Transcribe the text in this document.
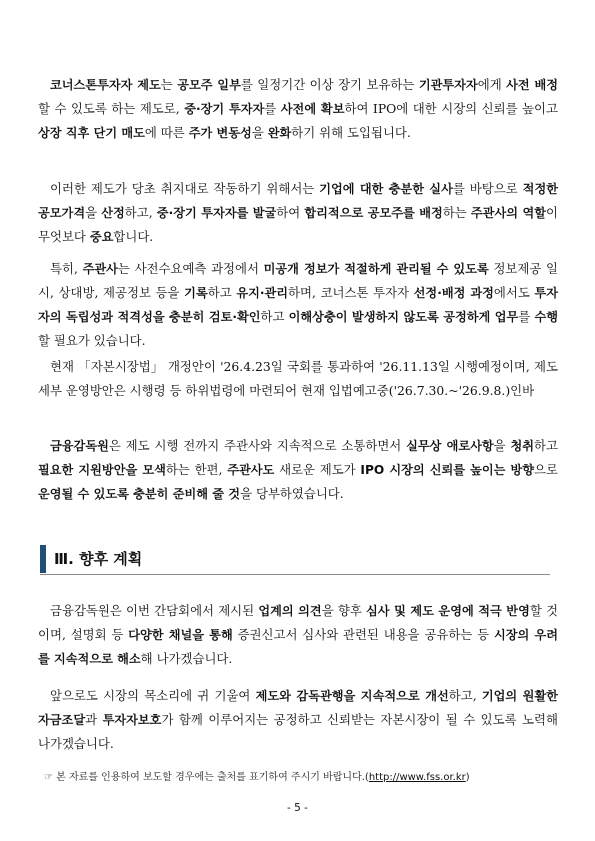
코너스톤투자자 제도는 공모주 일부를 일정기간 이상 장기 보유하는 기관투자자에게 사전 배정할 수 있도록 하는 제도로, 중·장기 투자자를 사전에 확보하여 IPO에 대한 시장의 신뢰를 높이고 상장 직후 단기 매도에 따른 주가 변동성을 완화하기 위해 도입됩니다.
이러한 제도가 당초 취지대로 작동하기 위해서는 기업에 대한 충분한 실사를 바탕으로 적정한 공모가격을 산정하고, 중·장기 투자자를 발굴하여 합리적으로 공모주를 배정하는 주관사의 역할이 무엇보다 중요합니다.
특히, 주관사는 사전수요예측 과정에서 미공개 정보가 적절하게 관리될 수 있도록 정보제공 일시, 상대방, 제공정보 등을 기록하고 유지·관리하며, 코너스톤 투자자 선정·배정 과정에서도 투자자의 독립성과 적격성을 충분히 검토·확인하고 이해상충이 발생하지 않도록 공정하게 업무를 수행할 필요가 있습니다.
현재 「자본시장법」 개정안이 '26.4.23일 국회를 통과하여 '26.11.13일 시행예정이며, 제도 세부 운영방안은 시행령 등 하위법령에 마련되어 현재 입법예고중('26.7.30.~'26.9.8.)인바
금융감독원은 제도 시행 전까지 주관사와 지속적으로 소통하면서 실무상 애로사항을 청취하고 필요한 지원방안을 모색하는 한편, 주관사도 새로운 제도가 IPO 시장의 신뢰를 높이는 방향으로 운영될 수 있도록 충분히 준비해 줄 것을 당부하였습니다.
Ⅲ. 향후 계획
금융감독원은 이번 간담회에서 제시된 업계의 의견을 향후 심사 및 제도 운영에 적극 반영할 것이며, 설명회 등 다양한 채널을 통해 증권신고서 심사와 관련된 내용을 공유하는 등 시장의 우려를 지속적으로 해소해 나가겠습니다.
앞으로도 시장의 목소리에 귀 기울여 제도와 감독관행을 지속적으로 개선하고, 기업의 원활한 자금조달과 투자자보호가 함께 이루어지는 공정하고 신뢰받는 자본시장이 될 수 있도록 노력해 나가겠습니다.
☞ 본 자료를 인용하여 보도할 경우에는 출처를 표기하여 주시기 바랍니다.(http://www.fss.or.kr)
- 5 -
